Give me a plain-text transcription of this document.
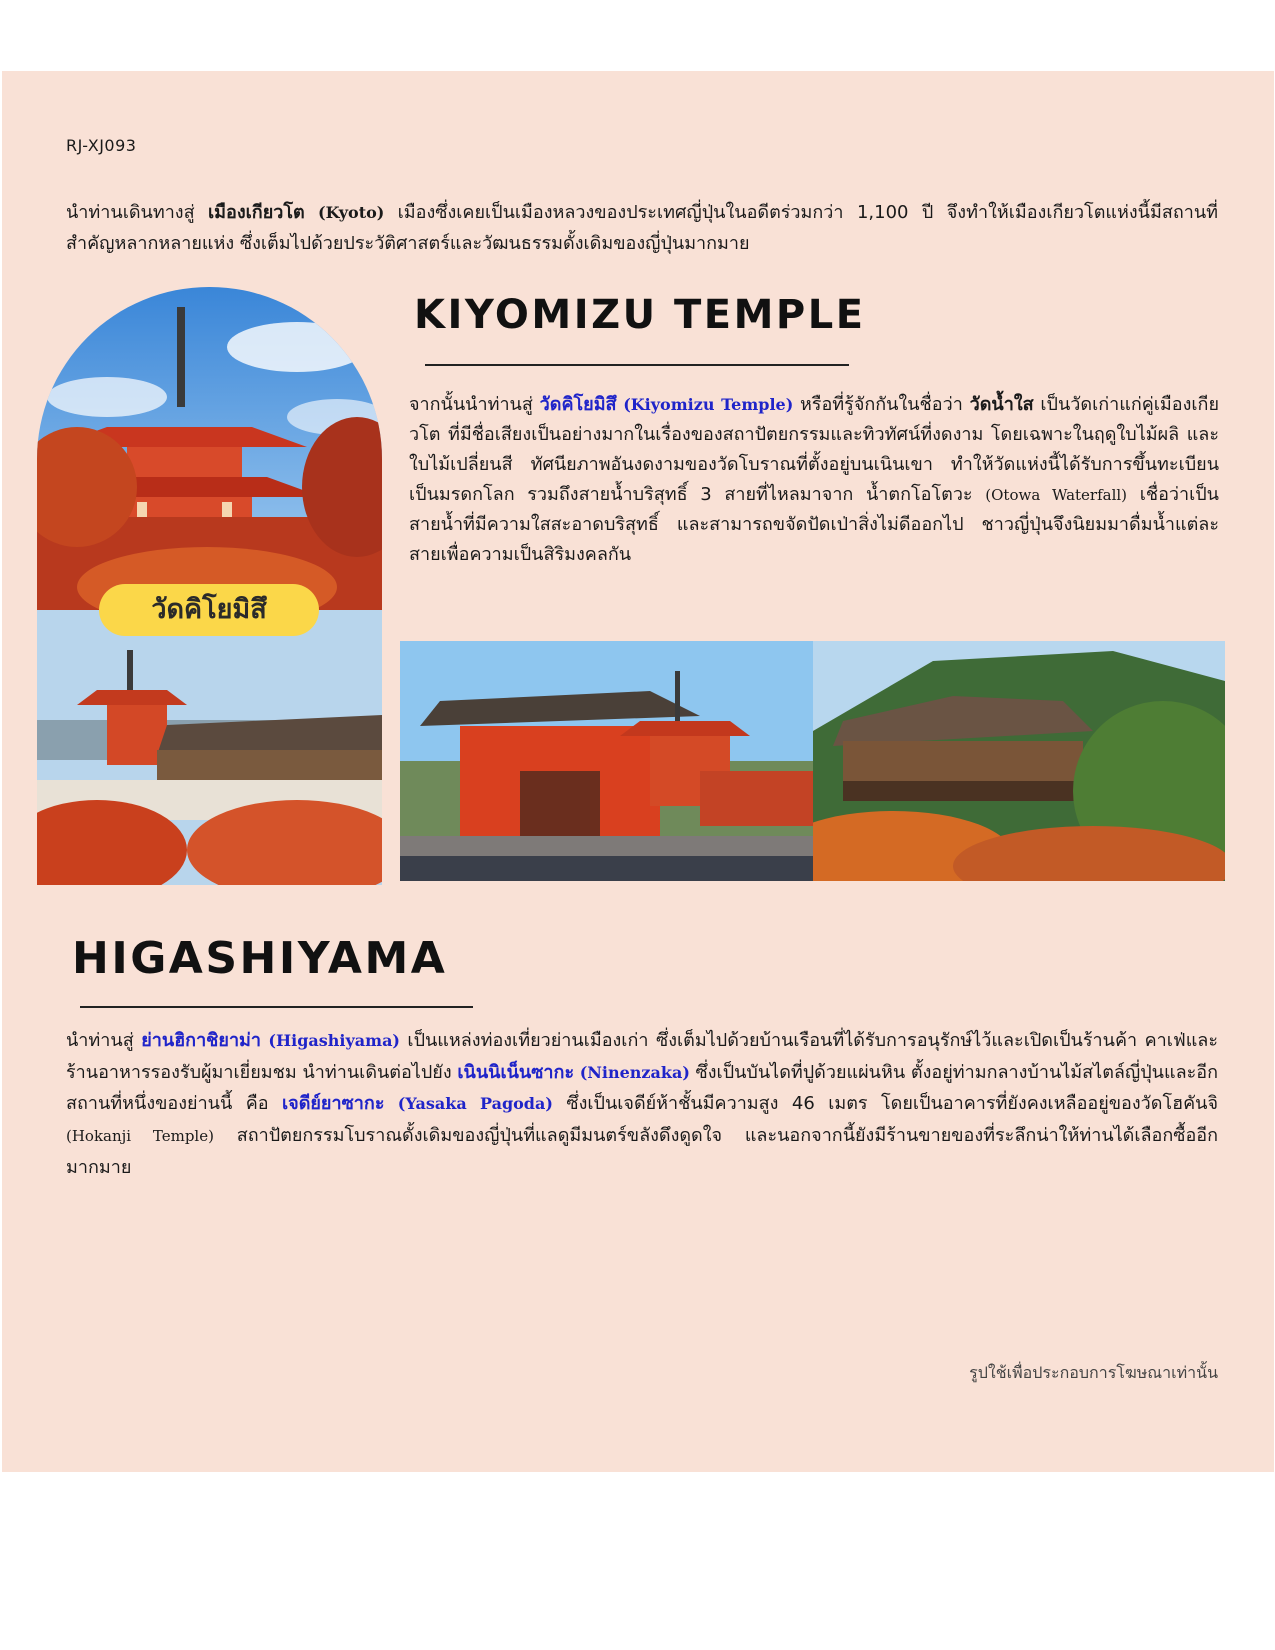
RJ-XJ093
นำท่านเดินทางสู่ เมืองเกียวโต (Kyoto) เมืองซึ่งเคยเป็นเมืองหลวงของประเทศญี่ปุ่นในอดีตร่วมกว่า 1,100 ปี จึงทำให้เมืองเกียวโตแห่งนี้มีสถานที่สำคัญหลากหลายแห่ง ซึ่งเต็มไปด้วยประวัติศาสตร์และวัฒนธรรมดั้งเดิมของญี่ปุ่นมากมาย
วัดคิโยมิสึ
KIYOMIZU TEMPLE
จากนั้นนำท่านสู่ วัดคิโยมิสึ (Kiyomizu Temple) หรือที่รู้จักกันในชื่อว่า วัดน้ำใส เป็นวัดเก่าแก่คู่เมืองเกียวโต ที่มีชื่อเสียงเป็นอย่างมากในเรื่องของสถาปัตยกรรมและทิวทัศน์ที่งดงาม โดยเฉพาะในฤดูใบไม้ผลิ และใบไม้เปลี่ยนสี ทัศนียภาพอันงดงามของวัดโบราณที่ตั้งอยู่บนเนินเขา ทำให้วัดแห่งนี้ได้รับการขึ้นทะเบียนเป็นมรดกโลก รวมถึงสายน้ำบริสุทธิ์ 3 สายที่ไหลมาจาก น้ำตกโอโตวะ (Otowa Waterfall) เชื่อว่าเป็นสายน้ำที่มีความใสสะอาดบริสุทธิ์ และสามารถขจัดปัดเป่าสิ่งไม่ดีออกไป ชาวญี่ปุ่นจึงนิยมมาดื่มน้ำแต่ละสายเพื่อความเป็นสิริมงคลกัน
HIGASHIYAMA
นำท่านสู่ ย่านฮิกาชิยาม่า (Higashiyama) เป็นแหล่งท่องเที่ยวย่านเมืองเก่า ซึ่งเต็มไปด้วยบ้านเรือนที่ได้รับการอนุรักษ์ไว้และเปิดเป็นร้านค้า คาเฟ่และร้านอาหารรองรับผู้มาเยี่ยมชม นำท่านเดินต่อไปยัง เนินนิเน็นซากะ (Ninenzaka) ซึ่งเป็นบันไดที่ปูด้วยแผ่นหิน ตั้งอยู่ท่ามกลางบ้านไม้สไตล์ญี่ปุ่นและอีกสถานที่หนึ่งของย่านนี้ คือ เจดีย์ยาซากะ (Yasaka Pagoda) ซึ่งเป็นเจดีย์ห้าชั้นมีความสูง 46 เมตร โดยเป็นอาคารที่ยังคงเหลืออยู่ของวัดโฮคันจิ (Hokanji Temple) สถาปัตยกรรมโบราณดั้งเดิมของญี่ปุ่นที่แลดูมีมนตร์ขลังดึงดูดใจ และนอกจากนี้ยังมีร้านขายของที่ระลึกน่าให้ท่านได้เลือกซื้ออีกมากมาย
รูปใช้เพื่อประกอบการโฆษณาเท่านั้น
